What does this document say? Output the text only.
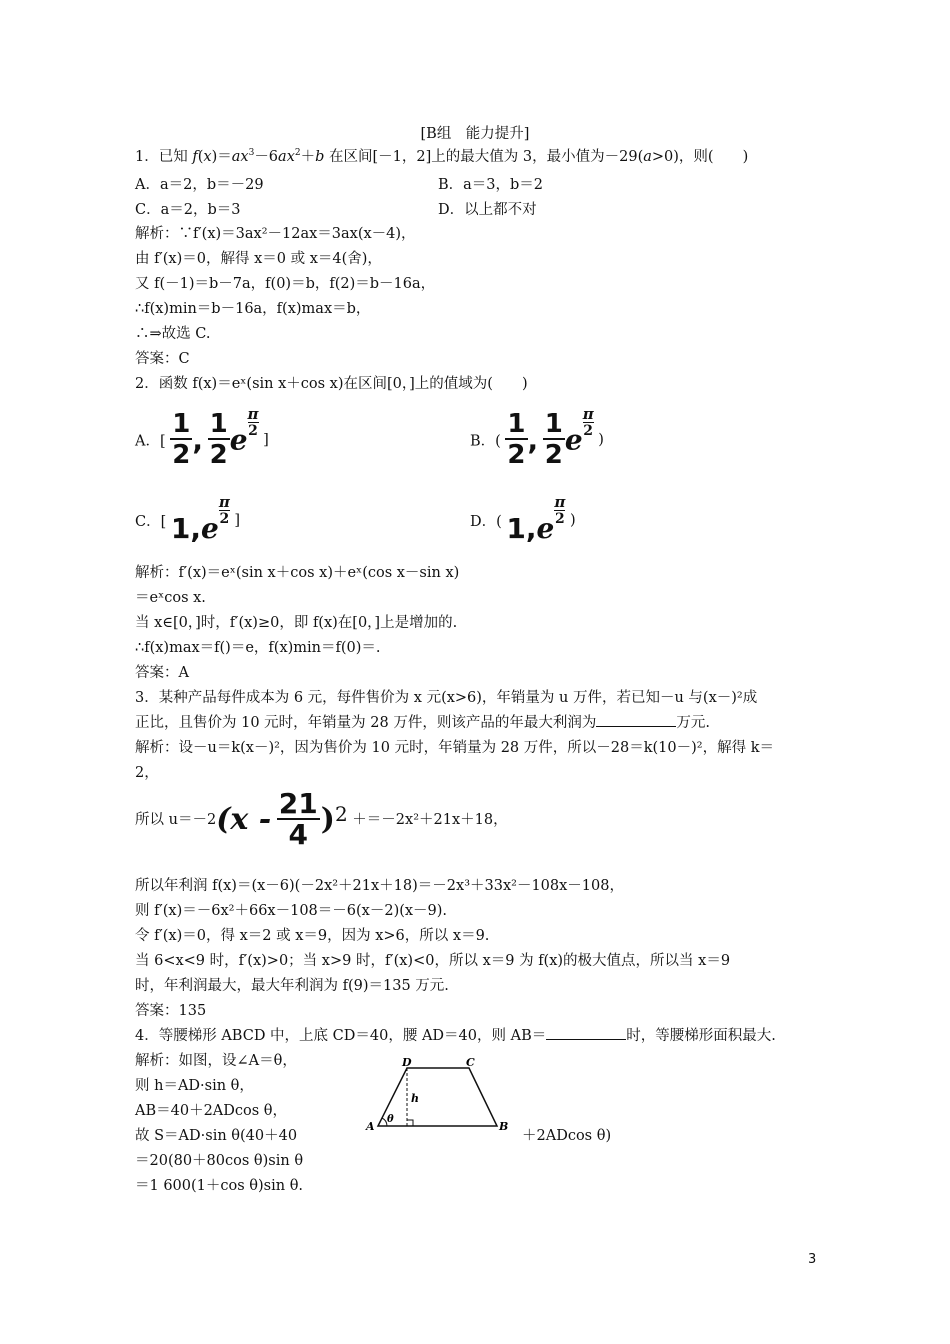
[B组　能力提升]
1．已知 $f(x)=ax^3-6ax^2+b$ 在区间[－1，2]上的最大值为 3，最小值为－29(a>0)，则(　　)
A．a＝2，b＝－29	B．a＝3，b＝2
C．a＝2，b＝3	D．以上都不对
解析：∵f′(x)＝3ax²－12ax＝3ax(x－4)，
由 f′(x)＝0，解得 x＝0 或 x＝4(舍)，
又 f(－1)＝b－7a，f(0)＝b，f(2)＝b－16a，
∴f(x)min＝b－16a，f(x)max＝b，
∴⇒故选 C.
答案：C
2．函数 f(x)＝eˣ(sin x＋cos x)在区间[0，]上的值域为(　　)
A．[ $\frac{1}{2}$ , $\frac{1}{2}$ e
$\frac{\pi}{2}$
]	B．( $\frac{1}{2}$ , $\frac{1}{2}$ e
$\frac{\pi}{2}$
)
C．[ 1,e
$\frac{\pi}{2}$ ]	D．( 1,e
$\frac{\pi}{2}$ )
解析：f′(x)＝eˣ(sin x＋cos x)＋eˣ(cos x－sin x)
＝eˣcos x.
当 x∈[0，]时，f′(x)≥0，即 f(x)在[0，]上是增加的.
∴f(x)max＝f()＝e，f(x)min＝f(0)＝.
答案：A
3．某种产品每件成本为 6 元，每件售价为 x 元(x>6)，年销量为 u 万件，若已知－u 与(x－)²成
正比，且售价为 10 元时，年销量为 28 万件，则该产品的年最大利润为	万元.
解析：设－u＝k(x－)²，因为售价为 10 元时，年销量为 28 万件，所以－28＝k(10－)²，解得 k＝
2，
所以 $u=-2(x - \frac{21}{4} )2 +=-2x^2+21x+18$，
所以年利润 f(x)＝(x－6)(－2x²＋21x＋18)＝－2x³＋33x²－108x－108，
则 f′(x)＝－6x²＋66x－108＝－6(x－2)(x－9).
令 f′(x)＝0，得 x＝2 或 x＝9，因为 x>6，所以 x＝9.
当 6<x<9 时，f′(x)>0；当 x>9 时，f′(x)<0，所以 x＝9 为 f(x)的极大值点，所以当 x＝9
时，年利润最大，最大年利润为 f(9)＝135 万元.
答案：135
4．等腰梯形 ABCD 中，上底 CD＝40，腰 AD＝40，则 AB＝	时，等腰梯形面积最大.
解析：如图，设∠A＝θ，
则 h＝AD·sin θ，
AB＝40＋2ADcos θ，
故 S＝AD·sin θ(40＋40	＋2ADcos θ)
＝20(80＋80cos θ)sin θ
＝1 600(1＋cos θ)sin θ.
A	B
C
D
h
θ
3
